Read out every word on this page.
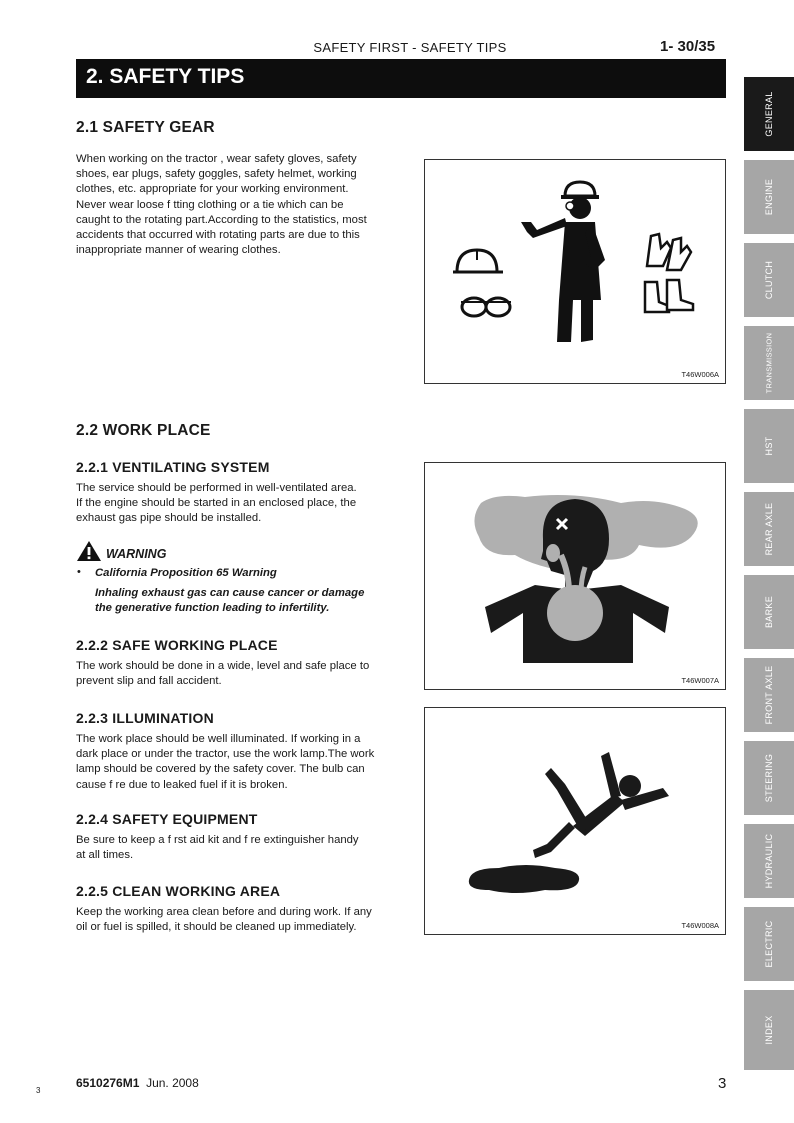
SAFETY FIRST - SAFETY TIPS	1- 30/35
2. SAFETY TIPS
2.1 SAFETY GEAR
When working on the tractor , wear safety gloves, safety
shoes, ear plugs, safety goggles, safety helmet, working
clothes, etc. appropriate for your working environment.
Never wear loose f tting clothing or a tie which can be
caught to the rotating part.According to the statistics, most
accidents that occurred with rotating parts are due to this
inappropriate manner of wearing clothes.
T46W006A
2.2 WORK PLACE
2.2.1 VENTILATING SYSTEM
The service should be performed in well-ventilated area.
If the engine should be started in an enclosed place, the
exhaust gas pipe should be installed.
WARNING
• California Proposition 65 Warning
Inhaling exhaust gas can cause cancer or damage
the generative function leading to infertility.
2.2.2 SAFE WORKING PLACE
The work should be done in a wide, level and safe place to
prevent slip and fall accident.
2.2.3 ILLUMINATION
The work place should be well illuminated. If working in a
dark place or under the tractor, use the work lamp.The work
lamp should be covered by the safety cover. The bulb can
cause f re due to leaked fuel if it is broken.
2.2.4 SAFETY EQUIPMENT
Be sure to keep a f rst aid kit and f re extinguisher handy
at all times.
2.2.5 CLEAN WORKING AREA
Keep the working area clean before and during work. If any
oil or fuel is spilled, it should be cleaned up immediately.
T46W007A
T46W008A
GENERAL
ENGINE
CLUTCH
TRANSMISSION
HST
REAR AXLE
BARKE
FRONT AXLE
STEERING
HYDRAULIC
ELECTRIC
INDEX
6510276M1 Jun. 2008	3
3
